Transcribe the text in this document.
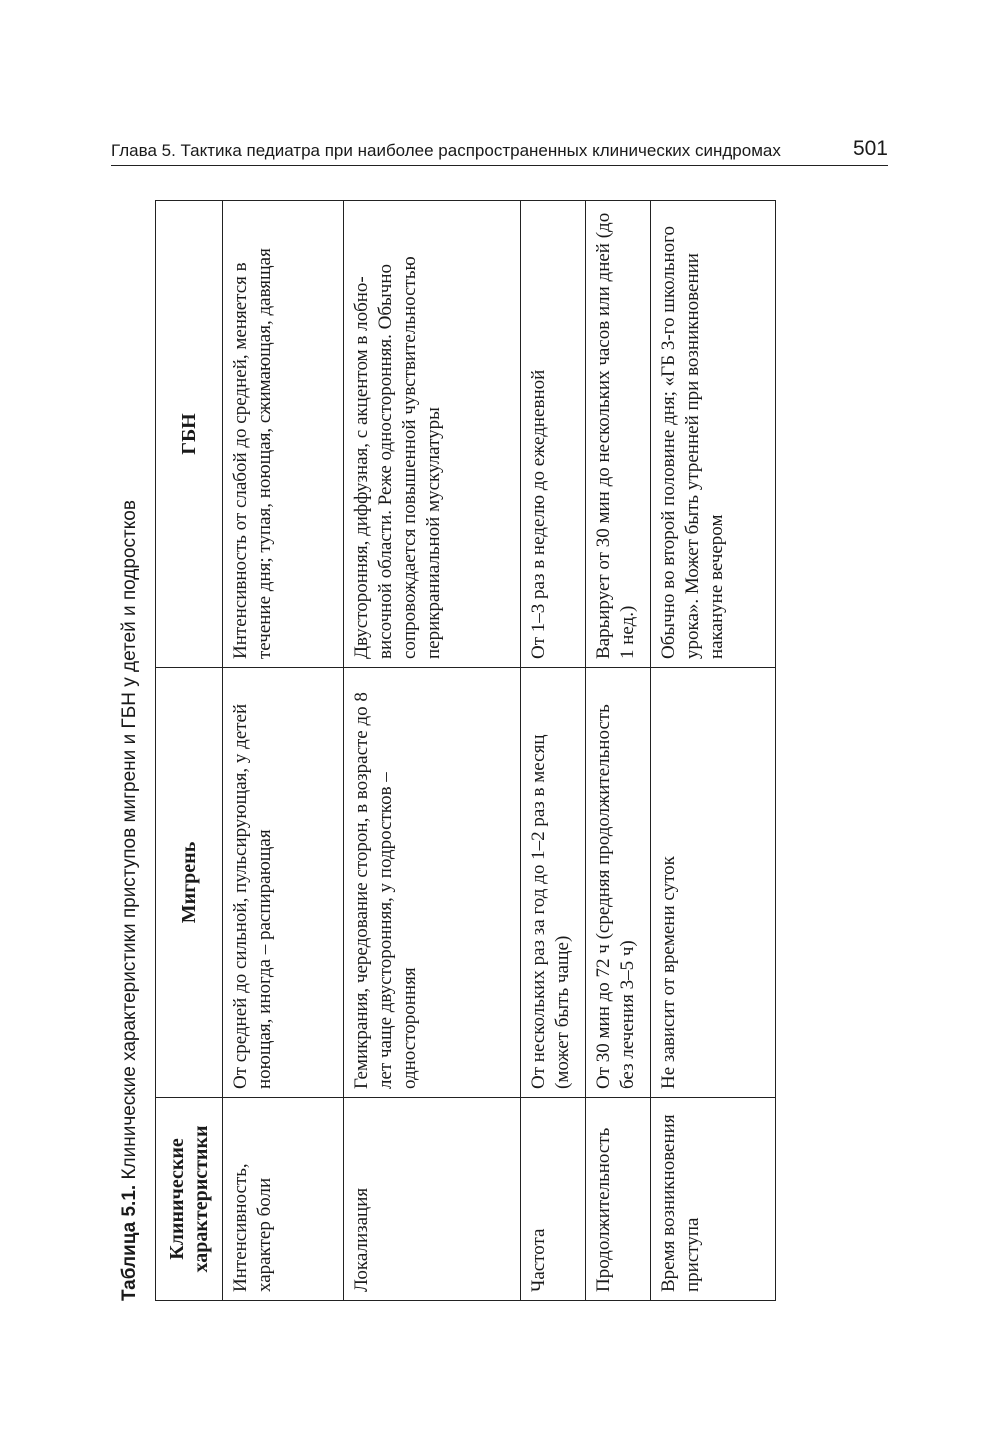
Глава 5. Тактика педиатра при наиболее распространенных клинических синдромах	501
Таблица 5.1. Клинические характеристики приступов мигрени и ГБН у детей и подростков
Клинические характеристики	Мигрень	ГБН
Интенсивность, характер боли	От средней до сильной, пульсирующая, у детей ноющая, иногда – распирающая	Интенсивность от слабой до средней, меняется в течение дня; тупая, ноющая, сжимающая, давящая
Локализация	Гемикрания, чередование сторон, в возрасте до 8 лет чаще двусторонняя, у подростков – односторонняя	Двусторонняя, диффузная, с акцентом в лобно-височной области. Реже односторонняя. Обычно сопровождается повышенной чувствительностью перикраниальной мускулатуры
Частота	От нескольких раз за год до 1–2 раз в месяц (может быть чаще)	От 1–3 раз в неделю до ежедневной
Продолжительность	От 30 мин до 72 ч (средняя продолжительность без лечения 3–5 ч)	Варьирует от 30 мин до нескольких часов или дней (до 1 нед.)
Время возникновения приступа	Не зависит от времени суток	Обычно во второй половине дня; «ГБ 3-го школьного урока». Может быть утренней при возникновении накануне вечером
